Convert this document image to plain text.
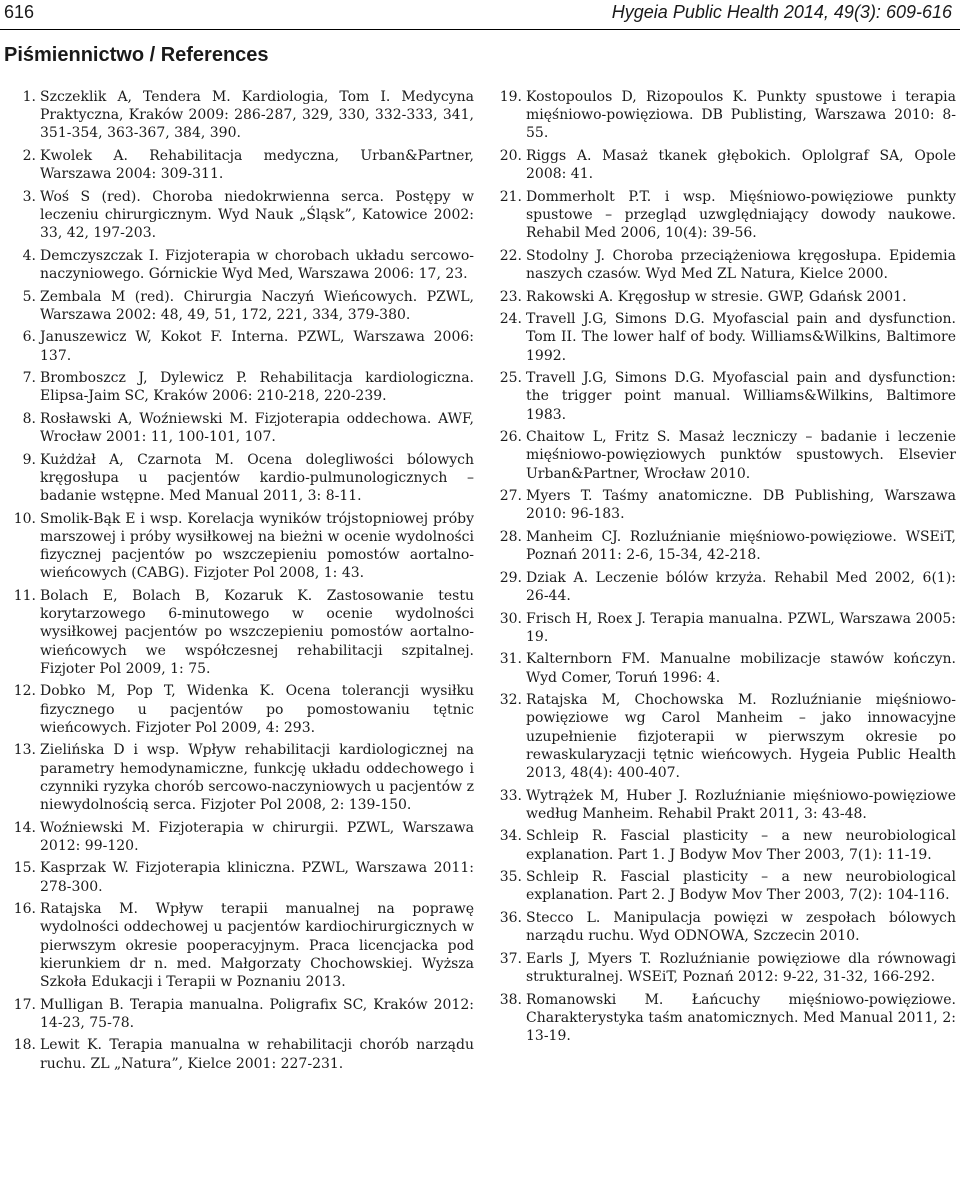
616	Hygeia Public Health 2014, 49(3): 609-616
Piśmiennictwo / References
1 . Szczeklik A, Tendera M. Kardiologia, Tom I. Medycyna Praktyczna, Kraków 2009: 286-287, 329, 330, 332-333, 341, 351-354, 363-367, 384, 390.
2 . Kwolek A. Rehabilitacja medyczna, Urban&Partner, Warszawa 2004: 309-311.
3 . Woś S (red). Choroba niedokrwienna serca. Postępy w leczeniu chirurgicznym. Wyd Nauk „Śląsk”, Katowice 2002: 33, 42, 197-203.
4 . Demczyszczak I. Fizjoterapia w chorobach układu sercowo-naczyniowego. Górnickie Wyd Med, Warszawa 2006: 17, 23.
5 . Zembala M (red). Chirurgia Naczyń Wieńcowych. PZWL, Warszawa 2002: 48, 49, 51, 172, 221, 334, 379-380.
6 . Januszewicz W, Kokot F. Interna. PZWL, Warszawa 2006: 137.
7 . Bromboszcz J, Dylewicz P. Rehabilitacja kardiologiczna. Elipsa-Jaim SC, Kraków 2006: 210-218, 220-239.
8 . Rosławski A, Woźniewski M. Fizjoterapia oddechowa. AWF, Wrocław 2001: 11, 100-101, 107.
9 . Kużdżał A, Czarnota M. Ocena dolegliwości bólowych kręgosłupa u pacjentów kardio-pulmunologicznych – badanie wstępne. Med Manual 2011, 3: 8-11.
10 . Smolik-Bąk E i wsp. Korelacja wyników trójstopniowej próby marszowej i próby wysiłkowej na bieżni w ocenie wydolności fizycznej pacjentów po wszczepieniu pomostów aortalno-wieńcowych (CABG). Fizjoter Pol 2008, 1: 43.
11 . Bolach E, Bolach B, Kozaruk K. Zastosowanie testu korytarzowego 6-minutowego w ocenie wydolności wysiłkowej pacjentów po wszczepieniu pomostów aortalno-wieńcowych we współczesnej rehabilitacji szpitalnej. Fizjoter Pol 2009, 1: 75.
12 . Dobko M, Pop T, Widenka K. Ocena tolerancji wysiłku fizycznego u pacjentów po pomostowaniu tętnic wieńcowych. Fizjoter Pol 2009, 4: 293.
13 . Zielińska D i wsp. Wpływ rehabilitacji kardiologicznej na parametry hemodynamiczne, funkcję układu oddechowego i czynniki ryzyka chorób sercowo-naczyniowych u pacjentów z niewydolnością serca. Fizjoter Pol 2008, 2: 139-150.
14 . Woźniewski M. Fizjoterapia w chirurgii. PZWL, Warszawa 2012: 99-120.
15 . Kasprzak W. Fizjoterapia kliniczna. PZWL, Warszawa 2011: 278-300.
16 . Ratajska M. Wpływ terapii manualnej na poprawę wydolności oddechowej u pacjentów kardiochirurgicznych w pierwszym okresie pooperacyjnym. Praca licencjacka pod kierunkiem dr n. med. Małgorzaty Chochowskiej. Wyższa Szkoła Edukacji i Terapii w Poznaniu 2013.
17 . Mulligan B. Terapia manualna. Poligrafix SC, Kraków 2012: 14-23, 75-78.
18 . Lewit K. Terapia manualna w rehabilitacji chorób narządu ruchu. ZL „Natura”, Kielce 2001: 227-231.
19 . Kostopoulos D, Rizopoulos K. Punkty spustowe i terapia mięśniowo-powięziowa. DB Publisting, Warszawa 2010: 8-55.
20 . Riggs A. Masaż tkanek głębokich. Oplolgraf SA, Opole 2008: 41.
21 . Dommerholt P.T. i wsp. Mięśniowo-powięziowe punkty spustowe – przegląd uzwględniający dowody naukowe. Rehabil Med 2006, 10(4): 39-56.
22 . Stodolny J. Choroba przeciążeniowa kręgosłupa. Epidemia naszych czasów. Wyd Med ZL Natura, Kielce 2000.
23 . Rakowski A. Kręgosłup w stresie. GWP, Gdańsk 2001.
24 . Travell J.G, Simons D.G. Myofascial pain and dysfunction. Tom II. The lower half of body. Williams&Wilkins, Baltimore 1992.
25 . Travell J.G, Simons D.G. Myofascial pain and dysfunction: the trigger point manual. Williams&Wilkins, Baltimore 1983.
26 . Chaitow L, Fritz S. Masaż leczniczy – badanie i leczenie mięśniowo-powięziowych punktów spustowych. Elsevier Urban&Partner, Wrocław 2010.
27 . Myers T. Taśmy anatomiczne. DB Publishing, Warszawa 2010: 96-183.
28 . Manheim CJ. Rozluźnianie mięśniowo-powięziowe. WSEiT, Poznań 2011: 2-6, 15-34, 42-218.
29 . Dziak A. Leczenie bólów krzyża. Rehabil Med 2002, 6(1): 26-44.
30 . Frisch H, Roex J. Terapia manualna. PZWL, Warszawa 2005: 19.
31 . Kalternborn FM. Manualne mobilizacje stawów kończyn. Wyd Comer, Toruń 1996: 4.
32 . Ratajska M, Chochowska M. Rozluźnianie mięśniowo-powięziowe wg Carol Manheim – jako innowacyjne uzupełnienie fizjoterapii w pierwszym okresie po rewaskularyzacji tętnic wieńcowych. Hygeia Public Health 2013, 48(4): 400-407.
33 . Wytrążek M, Huber J. Rozluźnianie mięśniowo-powięziowe według Manheim. Rehabil Prakt 2011, 3: 43-48.
34 . Schleip R. Fascial plasticity – a new neurobiological explanation. Part 1. J Bodyw Mov Ther 2003, 7(1): 11-19.
35 . Schleip R. Fascial plasticity – a new neurobiological explanation. Part 2. J Bodyw Mov Ther 2003, 7(2): 104-116.
36 . Stecco L. Manipulacja powięzi w zespołach bólowych narządu ruchu. Wyd ODNOWA, Szczecin 2010.
37 . Earls J, Myers T. Rozluźnianie powięziowe dla równowagi strukturalnej. WSEiT, Poznań 2012: 9-22, 31-32, 166-292.
38 . Romanowski M. Łańcuchy mięśniowo-powięziowe. Charakterystyka taśm anatomicznych. Med Manual 2011, 2: 13-19.
